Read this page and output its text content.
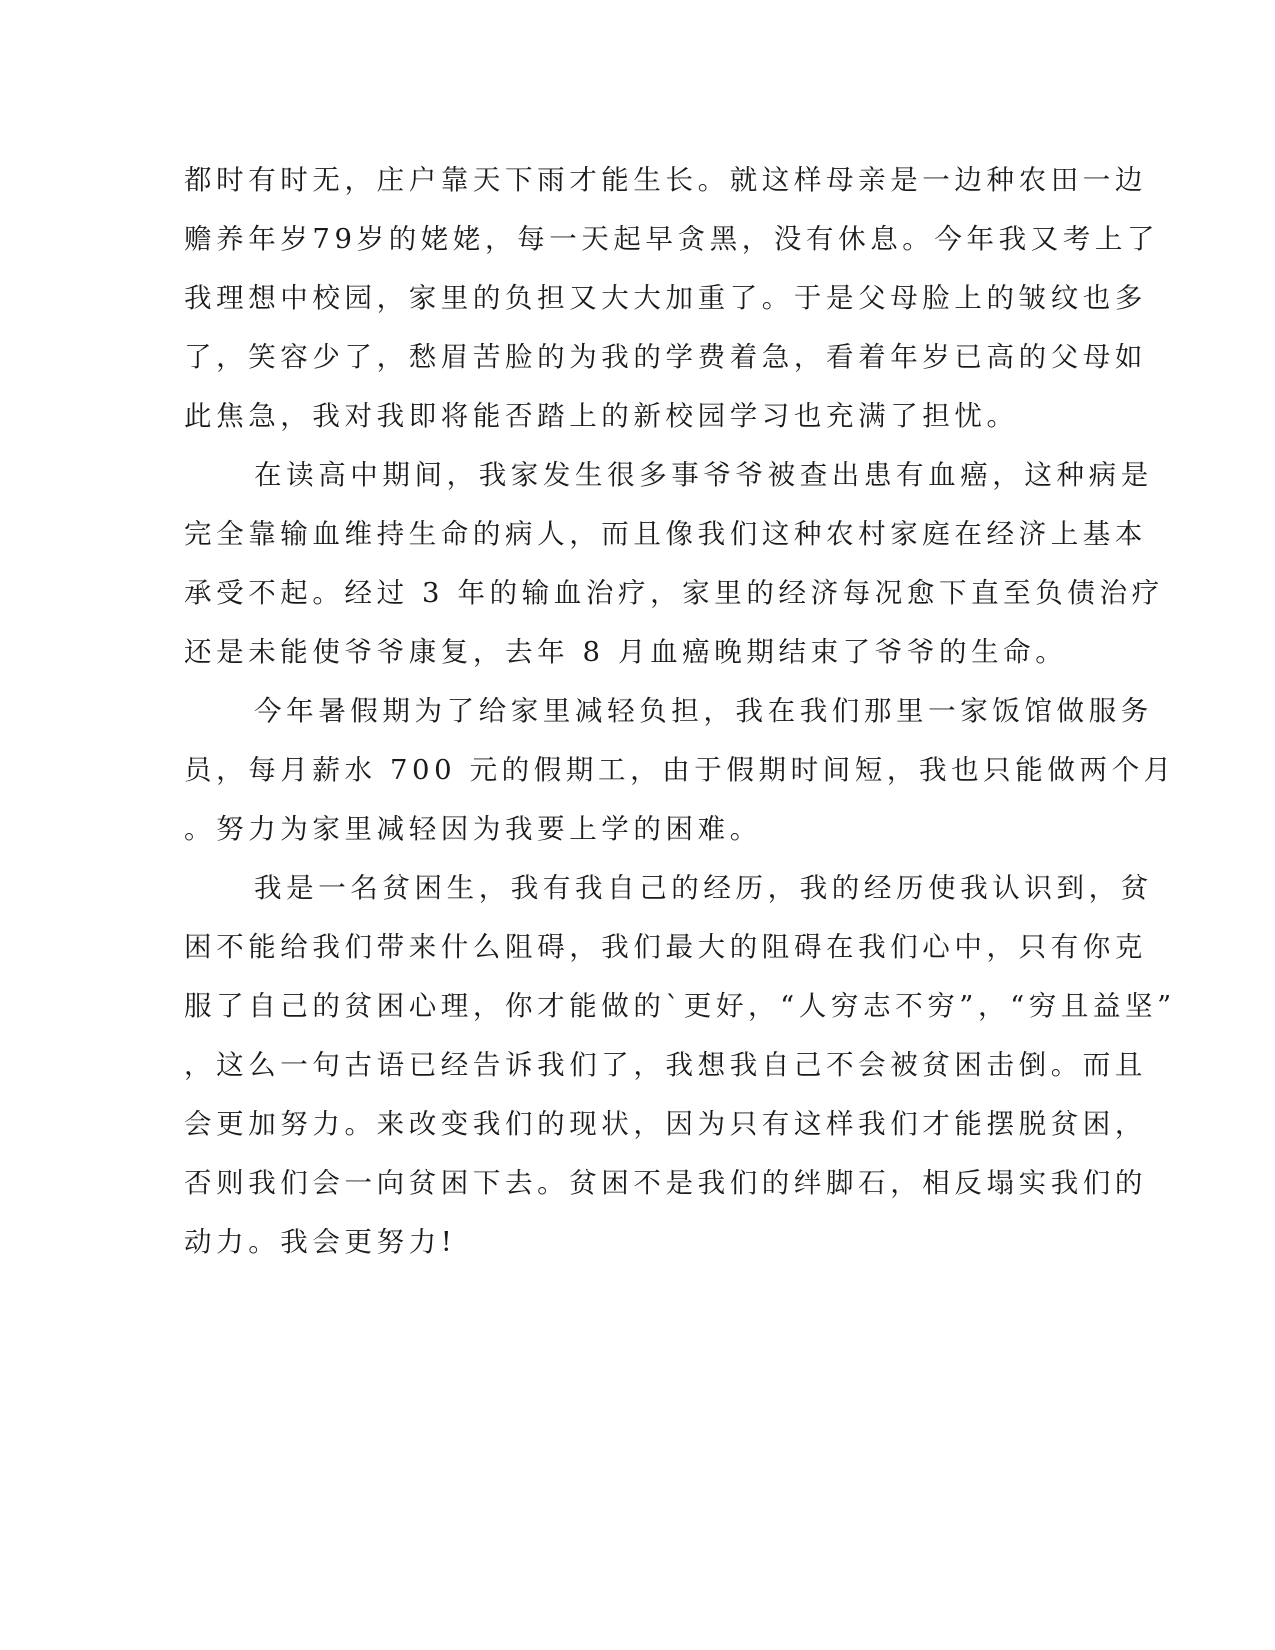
都时有时无，庄户靠天下雨才能生长。就这样母亲是一边种农田一边
赡养年岁79岁的姥姥，每一天起早贪黑，没有休息。今年我又考上了
我理想中校园，家里的负担又大大加重了。于是父母脸上的皱纹也多
了，笑容少了，愁眉苦脸的为我的学费着急，看着年岁已高的父母如
此焦急，我对我即将能否踏上的新校园学习也充满了担忧。
在读高中期间，我家发生很多事爷爷被查出患有血癌，这种病是
完全靠输血维持生命的病人，而且像我们这种农村家庭在经济上基本
承受不起。经过 3 年的输血治疗，家里的经济每况愈下直至负债治疗
还是未能使爷爷康复，去年 8 月血癌晚期结束了爷爷的生命。
今年暑假期为了给家里减轻负担，我在我们那里一家饭馆做服务
员，每月薪水 700 元的假期工，由于假期时间短，我也只能做两个月
。努力为家里减轻因为我要上学的困难。
我是一名贫困生，我有我自己的经历，我的经历使我认识到，贫
困不能给我们带来什么阻碍，我们最大的阻碍在我们心中，只有你克
服了自己的贫困心理，你才能做的`更好，“人穷志不穷”，“穷且益坚”
，这么一句古语已经告诉我们了，我想我自己不会被贫困击倒。而且
会更加努力。来改变我们的现状，因为只有这样我们才能摆脱贫困，
否则我们会一向贫困下去。贫困不是我们的绊脚石，相反塌实我们的
动力。我会更努力!
